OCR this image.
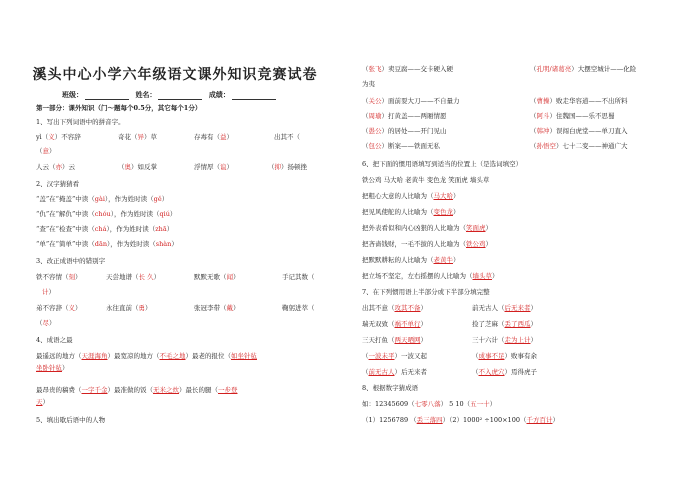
溪头中心小学六年级语文课外知识竞赛试卷
班级：	姓名：	成绩：
第一部分：课外知识（门～题每个0.5分，其它每个1分）
1、写出下列词语中的拼音字。
yì（义）不容辞	奇花（异）草	存毒有（益）	出其不（
（意）
人云（亦）云	（奥）如反掌	浮情厚（谊）	（抑）扬顿挫
2、汉字猜猜看
“盖”在“掩盖”中读（gài），作为姓时读（gě）
“仇”在“解仇”中读（chóu），作为姓时读（qiú）
“查”在“检查”中读（chá），作为姓时读（zhā）
“单”在“简单”中读（dān），作为姓时读（shàn）
3、改正成语中的错别字
铁不容情（刻）	天尝地谱（长 久）	默默无歌（闻）	手记其数（
计）
弟不容辞（义）	永往直前（勇）	张冠李带（戴）	鞠躬进萃（
（尽）
4、成语之最
最遥远的地方（天涯海角）最宽凉的地方（不毛之地）最老的报位（如坐针毡
坐卧针毡）
最昂贵的稿费（一字千金）最准做的饭（无米之炊）最长的腿（一步登
天）
5、填出歇后语中的人物
（张飞）卖豆腐——交卡硬入硬	（孔明/诸葛亮）大摆空城计——化险
为夷
（关公）面前耍大刀——不自量力	（曹操）败走华容道——不出所料
（周瑜）打黄盖——两厢情愿	（阿斗）住魏国——乐不思蜀
（愚公）的居处——开门见山	（韩冲）误闯白虎堂——单刀直入
（包公）断案——铁面无私	（孙悟空）七十二变——神通广大
6、把下面的惯用语填写到适当的位置上（是选词填空）
铁公鸡 马大哈 老黄牛 变色龙 笑面虎 墙头草
把粗心大意的人比喻为（马大哈）
把见风使舵的人比喻为（变色龙）
把外表看似和内心凶狠的人比喻为（笑面虎）
把吝啬钱财，一毛不拔的人比喻为（铁公鸡）
把默默耕耘的人比喻为（老黄牛）
把立场不坚定，左右摇摆的人比喻为（墙头草）
7、在下列惯用语上半部分或下半部分填完整
出其不意（攻其不备）	前无古人（后无来者）
瑞无双致（祸不单行）	捡了芝麻（丢了西瓜）
三天打鱼（两天晒网）	三十六计（走为上计）
（一波未平）一波又起	（成事不足）败事有余
（前无古人）后无来者	（不入虎穴）焉得虎子
8、根据数字猜成语
如：12345609（七零八落） 5 10（五一十）
（1）1256789 （丢三落四）（2）1000² ÷100×100（千方百计）
